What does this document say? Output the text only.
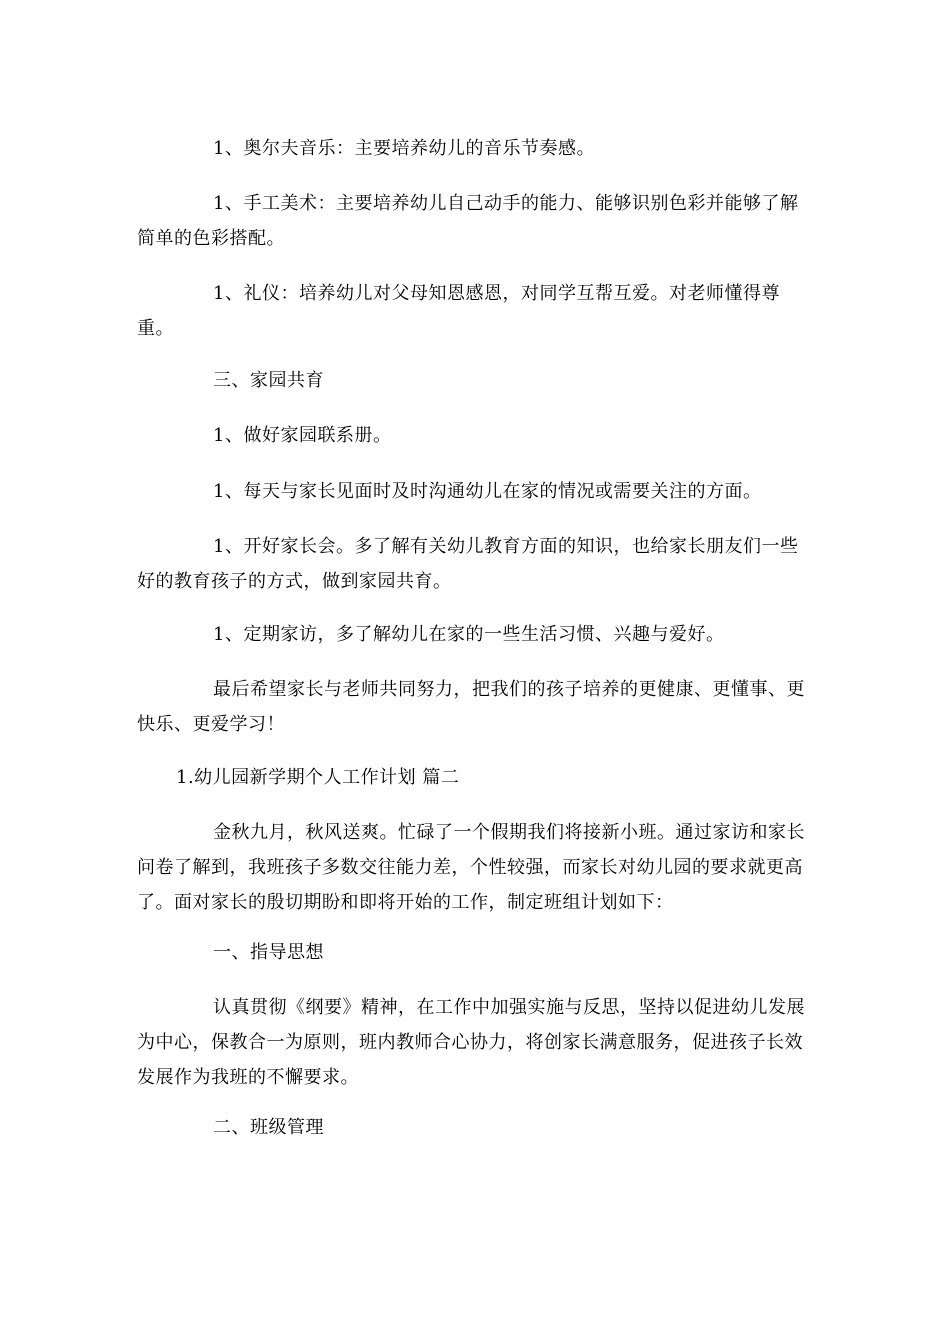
1、奥尔夫音乐：主要培养幼儿的音乐节奏感。

1、手工美术：主要培养幼儿自己动手的能力、能够识别色彩并能够了解简单的色彩搭配。

1、礼仪：培养幼儿对父母知恩感恩，对同学互帮互爱。对老师懂得尊重。

三、家园共育

1、做好家园联系册。

1、每天与家长见面时及时沟通幼儿在家的情况或需要关注的方面。

1、开好家长会。多了解有关幼儿教育方面的知识，也给家长朋友们一些好的教育孩子的方式，做到家园共育。

1、定期家访，多了解幼儿在家的一些生活习惯、兴趣与爱好。

最后希望家长与老师共同努力，把我们的孩子培养的更健康、更懂事、更快乐、更爱学习！

1.幼儿园新学期个人工作计划 篇二

金秋九月，秋风送爽。忙碌了一个假期我们将接新小班。通过家访和家长问卷了解到，我班孩子多数交往能力差，个性较强，而家长对幼儿园的要求就更高了。面对家长的殷切期盼和即将开始的工作，制定班组计划如下：

一、指导思想

认真贯彻《纲要》精神，在工作中加强实施与反思，坚持以促进幼儿发展为中心，保教合一为原则，班内教师合心协力，将创家长满意服务，促进孩子长效发展作为我班的不懈要求。

二、班级管理
